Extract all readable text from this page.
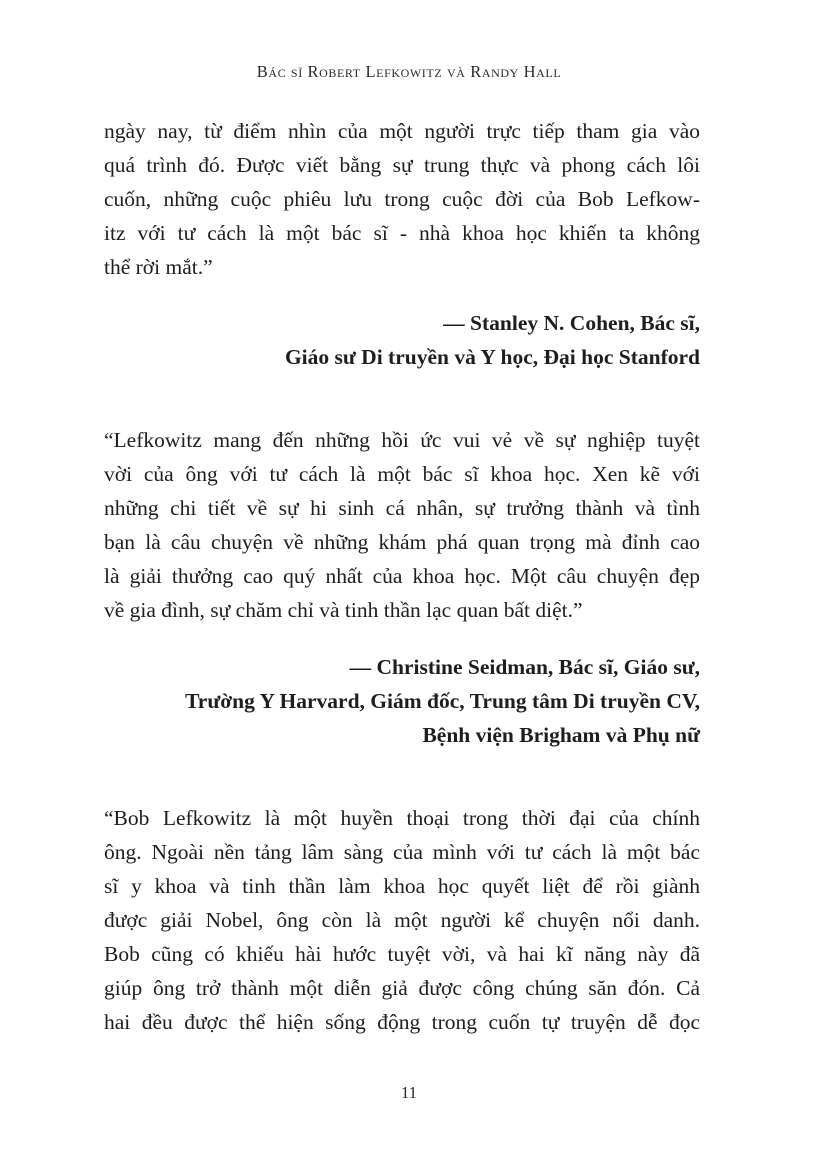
Bác sĩ Robert Lefkowitz và Randy Hall
ngày nay, từ điểm nhìn của một người trực tiếp tham gia vào
quá trình đó. Được viết bằng sự trung thực và phong cách lôi
cuốn, những cuộc phiêu lưu trong cuộc đời của Bob Lefkow-
itz với tư cách là một bác sĩ - nhà khoa học khiến ta không
thể rời mắt.”
— Stanley N. Cohen, Bác sĩ,
Giáo sư Di truyền và Y học, Đại học Stanford
“Lefkowitz mang đến những hồi ức vui vẻ về sự nghiệp tuyệt
vời của ông với tư cách là một bác sĩ khoa học. Xen kẽ với
những chi tiết về sự hi sinh cá nhân, sự trưởng thành và tình
bạn là câu chuyện về những khám phá quan trọng mà đỉnh cao
là giải thưởng cao quý nhất của khoa học. Một câu chuyện đẹp
về gia đình, sự chăm chỉ và tinh thần lạc quan bất diệt.”
— Christine Seidman, Bác sĩ, Giáo sư,
Trường Y Harvard, Giám đốc, Trung tâm Di truyền CV,
Bệnh viện Brigham và Phụ nữ
“Bob Lefkowitz là một huyền thoại trong thời đại của chính
ông. Ngoài nền tảng lâm sàng của mình với tư cách là một bác
sĩ y khoa và tinh thần làm khoa học quyết liệt để rồi giành
được giải Nobel, ông còn là một người kể chuyện nổi danh.
Bob cũng có khiếu hài hước tuyệt vời, và hai kĩ năng này đã
giúp ông trở thành một diễn giả được công chúng săn đón. Cả
hai đều được thể hiện sống động trong cuốn tự truyện dễ đọc
11
